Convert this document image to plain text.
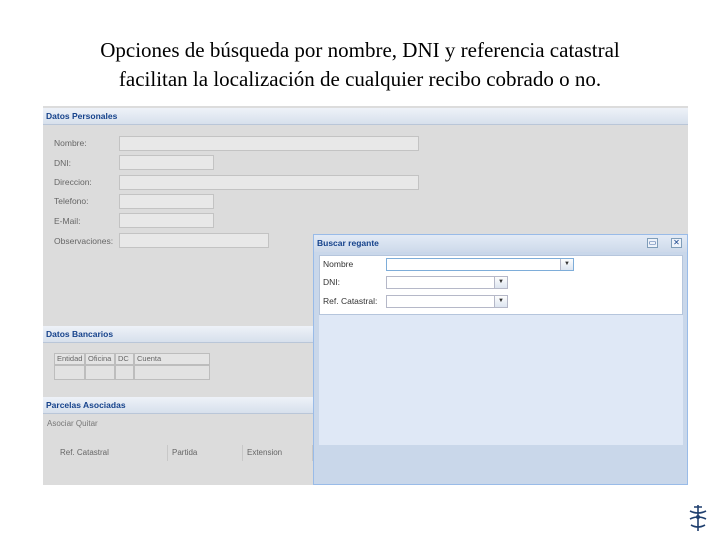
Opciones de búsqueda por nombre, DNI y referencia catastral
facilitan la localización de cualquier recibo cobrado o no.
Datos Personales
Nombre:
DNI:
Direccion:
Telefono:
E-Mail:
Observaciones:
Datos Bancarios
Entidad Oficina DC	Cuenta
Parcelas Asociadas
Asociar Quitar
Ref. Catastral	Partida	Extension
Buscar regante	▭ ✕
Nombre	▼
DNI:	▼
Ref. Catastral:	▼
